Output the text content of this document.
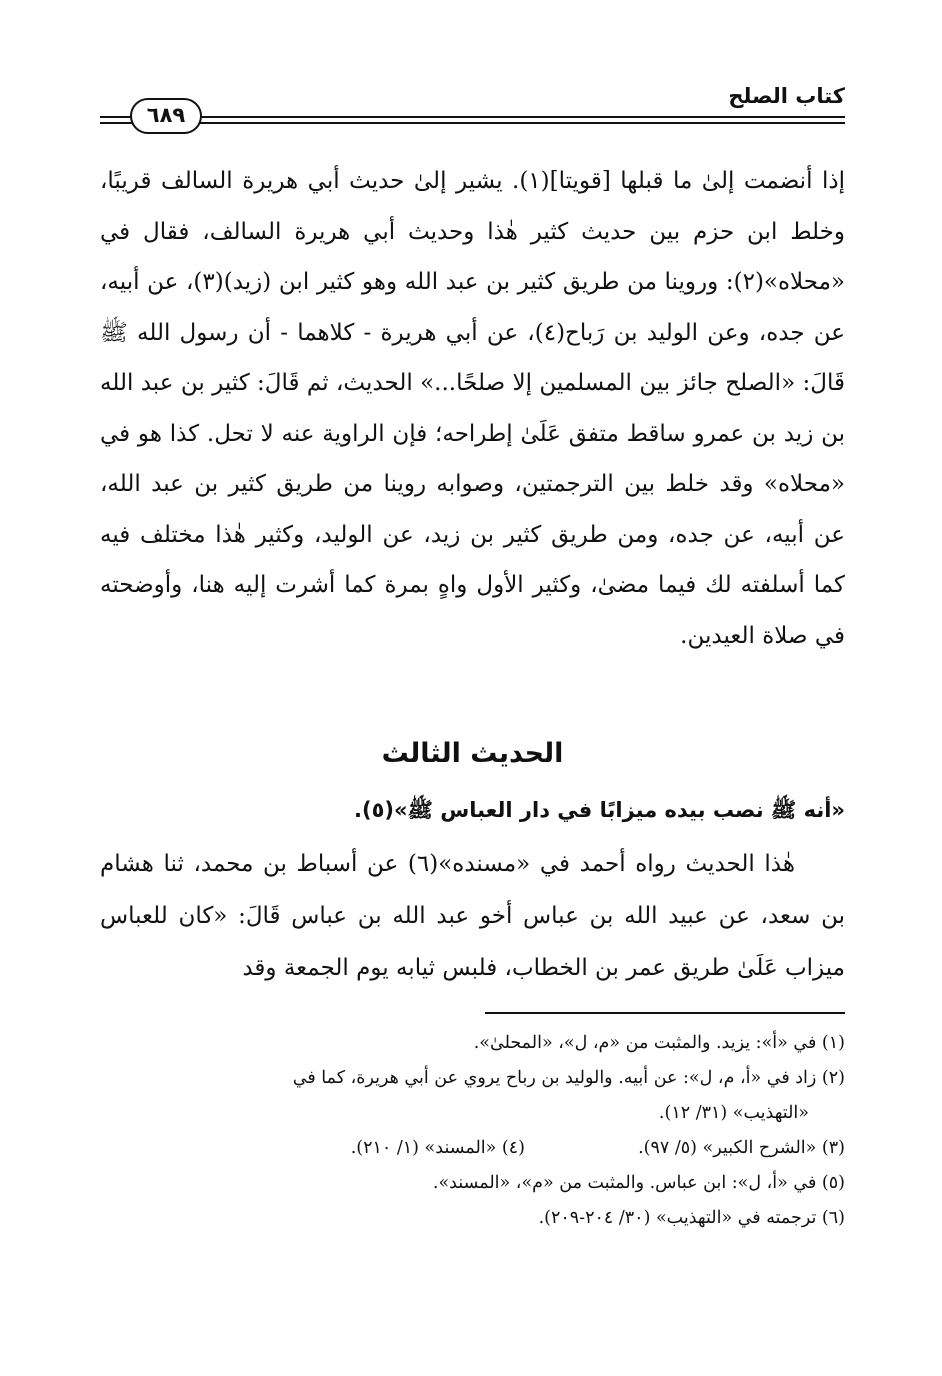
كتاب الصلح
٦٨٩

إذا أنضمت إلىٰ ما قبلها [قويتا](١). يشير إلىٰ حديث أبي هريرة السالف قريبًا، وخلط ابن حزم بين حديث كثير هٰذا وحديث أبي هريرة السالف، فقال في «محلاه»(٢): وروينا من طريق كثير بن عبد الله وهو كثير ابن (زيد)(٣)، عن أبيه، عن جده، وعن الوليد بن رَباح(٤)، عن أبي هريرة - كلاهما - أن رسول الله ﷺ قَالَ: «الصلح جائز بين المسلمين إلا صلحًا...» الحديث، ثم قَالَ: كثير بن عبد الله بن زيد بن عمرو ساقط متفق عَلَىٰ إطراحه؛ فإن الراوية عنه لا تحل. كذا هو في «محلاه» وقد خلط بين الترجمتين، وصوابه روينا من طريق كثير بن عبد الله، عن أبيه، عن جده، ومن طريق كثير بن زيد، عن الوليد، وكثير هٰذا مختلف فيه كما أسلفته لك فيما مضىٰ، وكثير الأول واهٍ بمرة كما أشرت إليه هنا، وأوضحته في صلاة العيدين.

الحديث الثالث
«أنه ﷺ نصب بيده ميزابًا في دار العباس ﷺ»(٥).

هٰذا الحديث رواه أحمد في «مسنده»(٦) عن أسباط بن محمد، ثنا هشام بن سعد، عن عبيد الله بن عباس أخو عبد الله بن عباس قَالَ: «كان للعباس ميزاب عَلَىٰ طريق عمر بن الخطاب، فلبس ثيابه يوم الجمعة وقد

(١) في «أ»: يزيد. والمثبت من «م، ل»، «المحلىٰ».

(٢) زاد في «أ، م، ل»: عن أبيه. والوليد بن رباح يروي عن أبي هريرة، كما في

«التهذيب» (٣١/ ١٢).

(٣) «الشرح الكبير» (٥/ ٩٧).
(٤) «المسند» (١/ ٢١٠).

(٥) في «أ، ل»: ابن عباس. والمثبت من «م»، «المسند».

(٦) ترجمته في «التهذيب» (٣٠/ ٢٠٤-٢٠٩).
